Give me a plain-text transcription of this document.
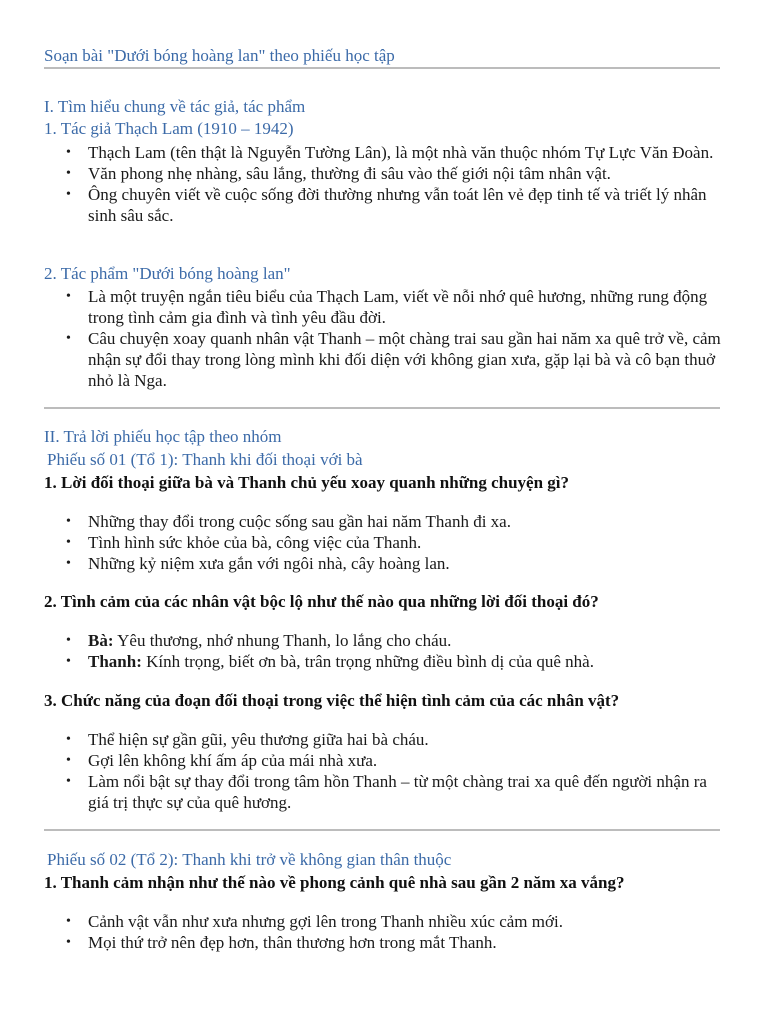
Soạn bài "Dưới bóng hoàng lan" theo phiếu học tập
I. Tìm hiểu chung về tác giả, tác phẩm
1. Tác giả Thạch Lam (1910 – 1942)
• Thạch Lam (tên thật là Nguyễn Tường Lân), là một nhà văn thuộc nhóm Tự Lực Văn Đoàn.
• Văn phong nhẹ nhàng, sâu lắng, thường đi sâu vào thế giới nội tâm nhân vật.
• Ông chuyên viết về cuộc sống đời thường nhưng vẫn toát lên vẻ đẹp tinh tế và triết lý nhân sinh sâu sắc.
2. Tác phẩm "Dưới bóng hoàng lan"
• Là một truyện ngắn tiêu biểu của Thạch Lam, viết về nỗi nhớ quê hương, những rung động trong tình cảm gia đình và tình yêu đầu đời.
• Câu chuyện xoay quanh nhân vật Thanh – một chàng trai sau gần hai năm xa quê trở về, cảm nhận sự đổi thay trong lòng mình khi đối diện với không gian xưa, gặp lại bà và cô bạn thuở nhỏ là Nga.
II. Trả lời phiếu học tập theo nhóm
Phiếu số 01 (Tổ 1): Thanh khi đối thoại với bà
1. Lời đối thoại giữa bà và Thanh chủ yếu xoay quanh những chuyện gì?
• Những thay đổi trong cuộc sống sau gần hai năm Thanh đi xa.
• Tình hình sức khỏe của bà, công việc của Thanh.
• Những kỷ niệm xưa gắn với ngôi nhà, cây hoàng lan.
2. Tình cảm của các nhân vật bộc lộ như thế nào qua những lời đối thoại đó?
• Bà: Yêu thương, nhớ nhung Thanh, lo lắng cho cháu.
• Thanh: Kính trọng, biết ơn bà, trân trọng những điều bình dị của quê nhà.
3. Chức năng của đoạn đối thoại trong việc thể hiện tình cảm của các nhân vật?
• Thể hiện sự gần gũi, yêu thương giữa hai bà cháu.
• Gợi lên không khí ấm áp của mái nhà xưa.
• Làm nổi bật sự thay đổi trong tâm hồn Thanh – từ một chàng trai xa quê đến người nhận ra giá trị thực sự của quê hương.
Phiếu số 02 (Tổ 2): Thanh khi trở về không gian thân thuộc
1. Thanh cảm nhận như thế nào về phong cảnh quê nhà sau gần 2 năm xa vắng?
• Cảnh vật vẫn như xưa nhưng gợi lên trong Thanh nhiều xúc cảm mới.
• Mọi thứ trở nên đẹp hơn, thân thương hơn trong mắt Thanh.
